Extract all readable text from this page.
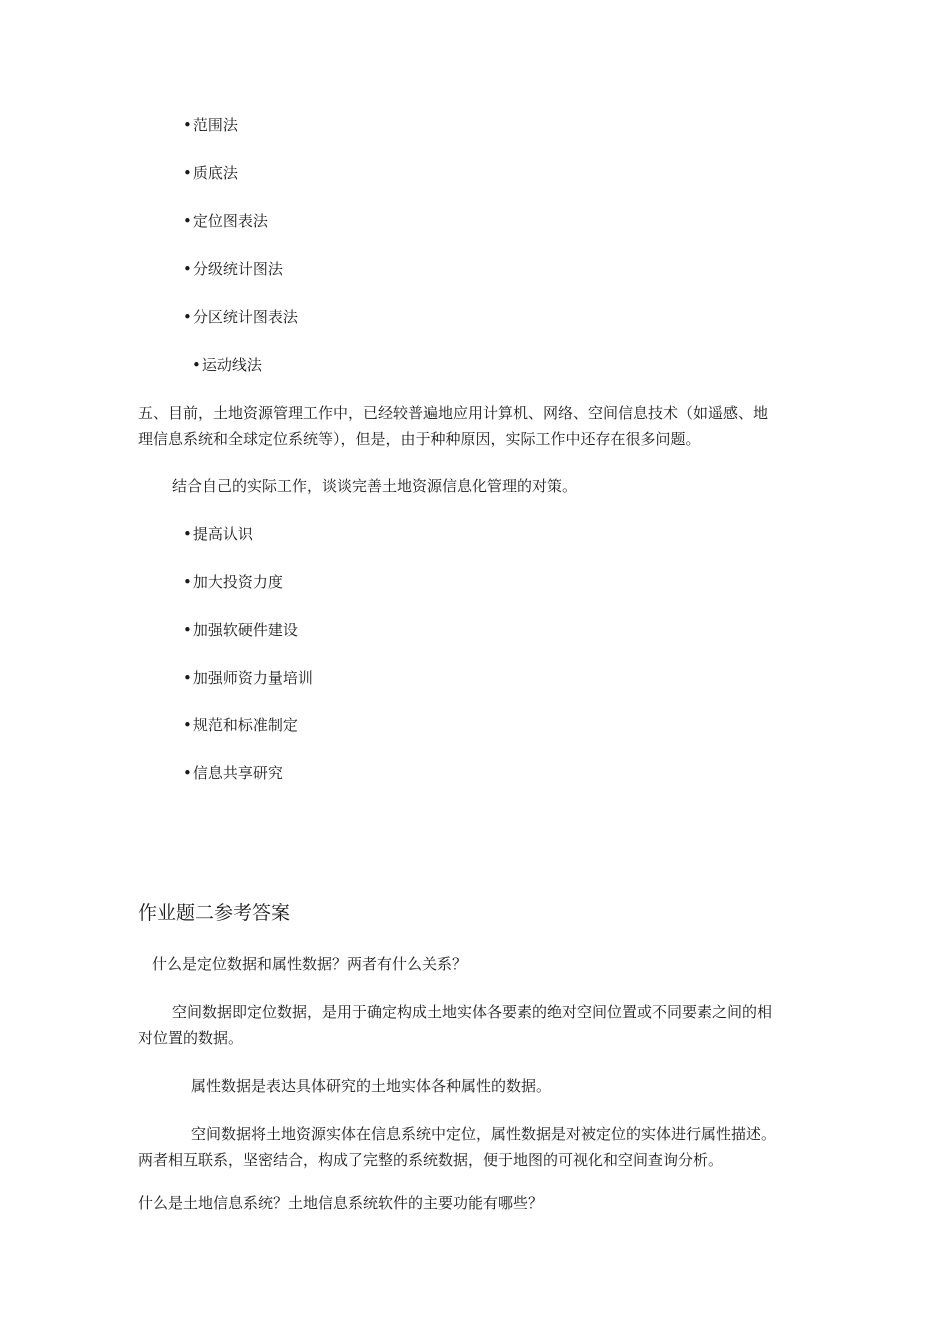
• 范围法
• 质底法
• 定位图表法
• 分级统计图法
• 分区统计图表法
• 运动线法
五、目前，土地资源管理工作中，已经较普遍地应用计算机、网络、空间信息技术（如遥感、地
理信息系统和全球定位系统等），但是，由于种种原因，实际工作中还存在很多问题。
结合自己的实际工作，谈谈完善土地资源信息化管理的对策。
• 提高认识
• 加大投资力度
• 加强软硬件建设
• 加强师资力量培训
• 规范和标准制定
• 信息共享研究
作业题二参考答案
什么是定位数据和属性数据？两者有什么关系？
空间数据即定位数据，是用于确定构成土地实体各要素的绝对空间位置或不同要素之间的相
对位置的数据。
属性数据是表达具体研究的土地实体各种属性的数据。
空间数据将土地资源实体在信息系统中定位，属性数据是对被定位的实体进行属性描述。
两者相互联系，坚密结合，构成了完整的系统数据，便于地图的可视化和空间查询分析。
什么是土地信息系统？土地信息系统软件的主要功能有哪些？
